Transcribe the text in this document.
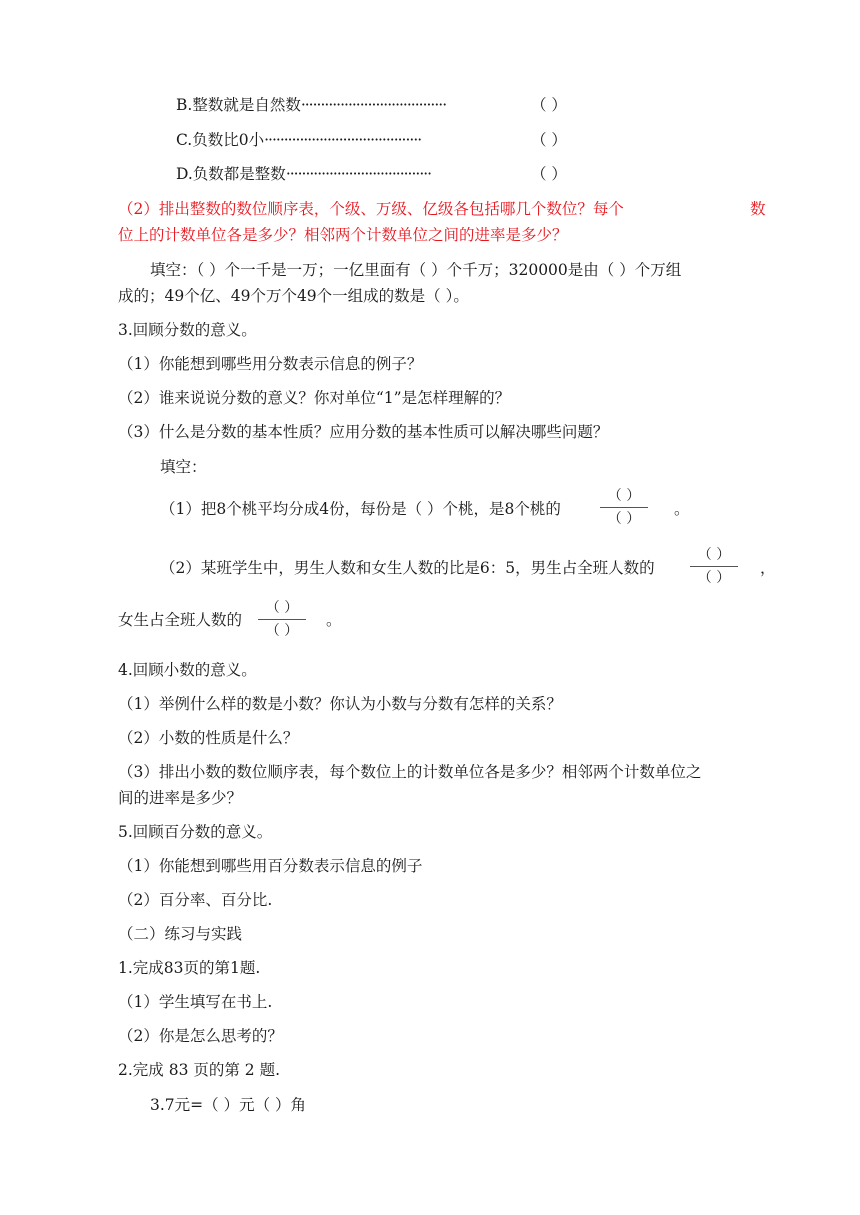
B.整数就是自然数·····································	（ ）
C.负数比0小········································	（ ）
D.负数都是整数·····································	（ ）
（2）排出整数的数位顺序表，个级、万级、亿级各包括哪几个数位？每个	数
位上的计数单位各是多少？相邻两个计数单位之间的进率是多少？
填空：（ ）个一千是一万；一亿里面有（ ）个千万；320000是由（ ）个万组
成的；49个亿、49个万个49个一组成的数是（ ）。
3.回顾分数的意义。
（1）你能想到哪些用分数表示信息的例子？
（2）谁来说说分数的意义？你对单位“1”是怎样理解的？
（3）什么是分数的基本性质？应用分数的基本性质可以解决哪些问题？
填空：
（1）把8个桃平均分成4份，每份是（ ）个桃，是8个桃的
（ ）
（ ）
。
（2）某班学生中，男生人数和女生人数的比是6：5，男生占全班人数的
（ ）
（ ）
，
女生占全班人数的
（ ）
（ ）
。
4.回顾小数的意义。
（1）举例什么样的数是小数？你认为小数与分数有怎样的关系？
（2）小数的性质是什么？
（3）排出小数的数位顺序表，每个数位上的计数单位各是多少？相邻两个计数单位之
间的进率是多少？
5.回顾百分数的意义。
（1）你能想到哪些用百分数表示信息的例子
（2）百分率、百分比.
（二）练习与实践
1.完成83页的第1题.
（1）学生填写在书上.
（2）你是怎么思考的？
2.完成 83 页的第 2 题.
3.7元=（ ）元（ ）角
